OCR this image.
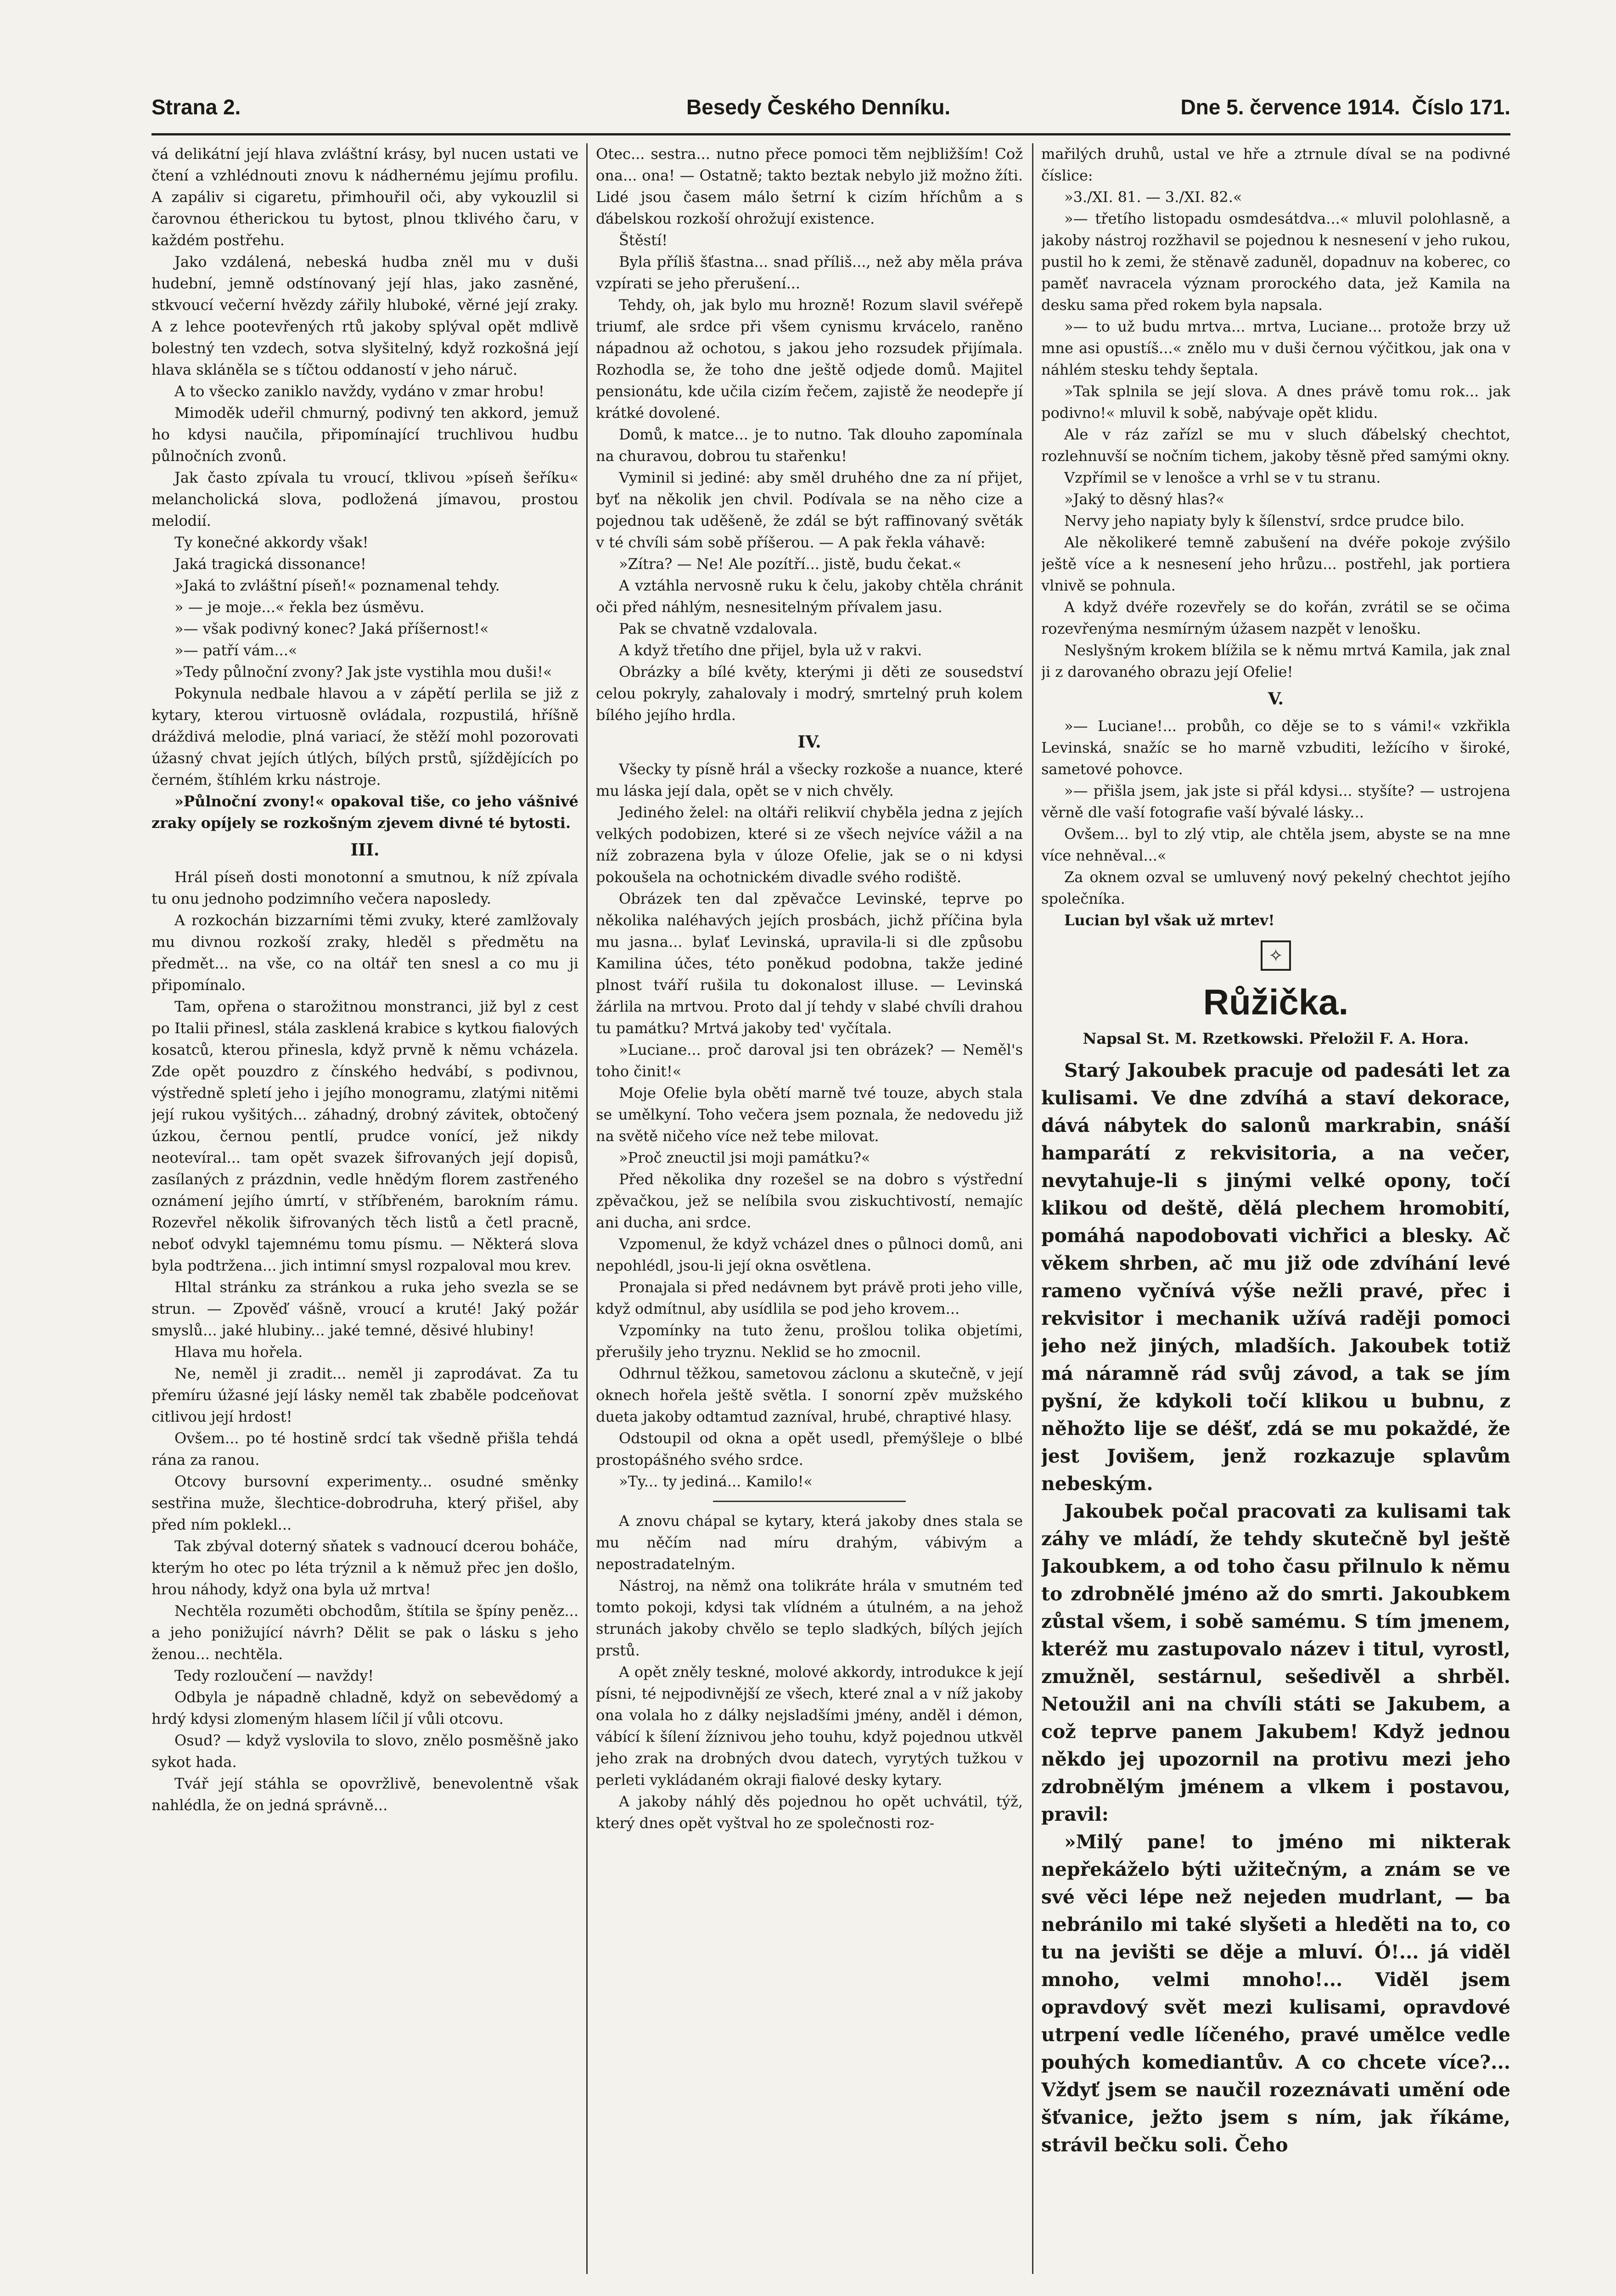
Strana 2.	Besedy Českého Denníku.	Dne 5. července 1914. Číslo 171.

vá delikátní její hlava zvláštní krásy, byl nucen ustati ve čtení a vzhlédnouti znovu k nádhernému jejímu profilu. A zapáliv si cigaretu, přimhouřil oči, aby vykouzlil si čarovnou étherickou tu bytost, plnou tklivého čaru, v každém postřehu.

Jako vzdálená, nebeská hudba zněl mu v duši hudební, jemně odstínovaný její hlas, jako zasněné, stkvoucí večerní hvězdy zářily hluboké, věrné její zraky. A z lehce pootevřených rtů jakoby splýval opět mdlivě bolestný ten vzdech, sotva slyšitelný, když rozkošná její hlava skláněla se s tíčtou oddaností v jeho náruč.

A to všecko zaniklo navždy, vydáno v zmar hrobu!

Mimoděk udeřil chmurný, podivný ten akkord, jemuž ho kdysi naučila, připomínající truchlivou hudbu půlnočních zvonů.

Jak často zpívala tu vroucí, tklivou »píseň šeříku« melancholická slova, podložená jímavou, prostou melodií.

Ty konečné akkordy však!

Jaká tragická dissonance!

»Jaká to zvláštní píseň!« poznamenal tehdy.

» — je moje...« řekla bez úsměvu.

»— však podivný konec? Jaká příšernost!«

»— patří vám...«

»Tedy půlnoční zvony? Jak jste vystihla mou duši!«

Pokynula nedbale hlavou a v zápětí perlila se již z kytary, kterou virtuosně ovládala, rozpustilá, hříšně dráždivá melodie, plná variací, že stěží mohl pozorovati úžasný chvat jejích útlých, bílých prstů, sjíždějících po černém, štíhlém krku nástroje.

»Půlnoční zvony!« opakoval tiše, co jeho vášnivé zraky opíjely se rozkošným zjevem divné té bytosti.

III.

Hrál píseň dosti monotonní a smutnou, k níž zpívala tu onu jednoho podzimního večera naposledy.

A rozkochán bizzarními těmi zvuky, které zamlžovaly mu divnou rozkoší zraky, hleděl s předmětu na předmět... na vše, co na oltář ten snesl a co mu ji připomínalo.

Tam, opřena o starožitnou monstranci, již byl z cest po Italii přinesl, stála zasklená krabice s kytkou fialových kosatců, kterou přinesla, když prvně k němu vcházela. Zde opět pouzdro z čínského hedvábí, s podivnou, výstředně spletí jeho i jejího monogramu, zlatými nitěmi její rukou vyšitých... záhadný, drobný závitek, obtočený úzkou, černou pentlí, prudce vonící, jež nikdy neotevíral... tam opět svazek šifrovaných její dopisů, zasílaných z prázdnin, vedle hnědým florem zastřeného oznámení jejího úmrtí, v stříbřeném, barokním rámu. Rozevřel několik šifrovaných těch listů a četl pracně, neboť odvykl tajemnému tomu písmu. — Některá slova byla podtržena... jich intimní smysl rozpaloval mou krev.

Hltal stránku za stránkou a ruka jeho svezla se se strun. — Zpověď vášně, vroucí a kruté! Jaký požár smyslů... jaké hlubiny... jaké temné, děsivé hlubiny!

Hlava mu hořela.

Ne, neměl ji zradit... neměl ji zaprodávat. Za tu přemíru úžasné její lásky neměl tak zbaběle podceňovat citlivou její hrdost!

Ovšem... po té hostině srdcí tak všedně přišla tehdá rána za ranou.

Otcovy bursovní experimenty... osudné směnky sestřina muže, šlechtice-dobrodruha, který přišel, aby před ním poklekl...

Tak zbýval doterný sňatek s vadnoucí dcerou boháče, kterým ho otec po léta trýznil a k němuž přec jen došlo, hrou náhody, když ona byla už mrtva!

Nechtěla rozuměti obchodům, štítila se špíny peněz... a jeho ponižující návrh? Dělit se pak o lásku s jeho ženou... nechtěla.

Tedy rozloučení — navždy!

Odbyla je nápadně chladně, když on sebevědomý a hrdý kdysi zlomeným hlasem líčil jí vůli otcovu.

Osud? — když vyslovila to slovo, znělo posměšně jako sykot hada.

Tvář její stáhla se opovržlivě, benevolentně však nahlédla, že on jedná správně...

Otec... sestra... nutno přece pomoci těm nejbližším! Což ona... ona! — Ostatně; takto beztak nebylo již možno žíti. Lidé jsou časem málo šetrní k cizím hříchům a s ďábelskou rozkoší ohrožují existence.

Štěstí!

Byla příliš šťastna... snad příliš..., než aby měla práva vzpírati se jeho přerušení...

Tehdy, oh, jak bylo mu hrozně! Rozum slavil svéřepě triumf, ale srdce při všem cynismu krvácelo, raněno nápadnou až ochotou, s jakou jeho rozsudek přijímala. Rozhodla se, že toho dne ještě odjede domů. Majitel pensionátu, kde učila cizím řečem, zajistě že neodepře jí krátké dovolené.

Domů, k matce... je to nutno. Tak dlouho zapomínala na churavou, dobrou tu stařenku!

Vyminil si jediné: aby směl druhého dne za ní přijet, byť na několik jen chvil. Podívala se na něho cize a pojednou tak uděšeně, že zdál se být raffinovaný světák v té chvíli sám sobě příšerou. — A pak řekla váhavě:

»Zítra? — Ne! Ale pozítří... jistě, budu čekat.«

A vztáhla nervosně ruku k čelu, jakoby chtěla chránit oči před náhlým, nesnesitelným přívalem jasu.

Pak se chvatně vzdalovala.

A když třetího dne přijel, byla už v rakvi.

Obrázky a bílé květy, kterými ji děti ze sousedství celou pokryly, zahalovaly i modrý, smrtelný pruh kolem bílého jejího hrdla.

IV.

Všecky ty písně hrál a všecky rozkoše a nuance, které mu láska její dala, opět se v nich chvěly.

Jediného želel: na oltáři relikvií chyběla jedna z jejích velkých podobizen, které si ze všech nejvíce vážil a na níž zobrazena byla v úloze Ofelie, jak se o ni kdysi pokoušela na ochotnickém divadle svého rodiště.

Obrázek ten dal zpěvačce Levinské, teprve po několika naléhavých jejích prosbách, jichž příčina byla mu jasna... bylať Levinská, upravila-li si dle způsobu Kamilina účes, této poněkud podobna, takže jediné plnost tváří rušila tu dokonalost illuse. — Levinská žárlila na mrtvou. Proto dal jí tehdy v slabé chvíli drahou tu památku? Mrtvá jakoby ted' vyčítala.

»Luciane... proč daroval jsi ten obrázek? — Neměl's toho činit!«

Moje Ofelie byla obětí marně tvé touze, abych stala se umělkyní. Toho večera jsem poznala, že nedovedu již na světě ničeho více než tebe milovat.

»Proč zneuctil jsi moji památku?«

Před několika dny rozešel se na dobro s výstřední zpěvačkou, jež se nelíbila svou ziskuchtivostí, nemajíc ani ducha, ani srdce.

Vzpomenul, že když vcházel dnes o půlnoci domů, ani nepohlédl, jsou-li její okna osvětlena.

Pronajala si před nedávnem byt právě proti jeho ville, když odmítnul, aby usídlila se pod jeho krovem...

Vzpomínky na tuto ženu, prošlou tolika objetími, přerušily jeho tryznu. Neklid se ho zmocnil.

Odhrnul těžkou, sametovou záclonu a skutečně, v její oknech hořela ještě světla. I sonorní zpěv mužského dueta jakoby odtamtud zazníval, hrubé, chraptivé hlasy.

Odstoupil od okna a opět usedl, přemýšleje o blbé prostopášného svého srdce.

»Ty... ty jediná... Kamilo!«

A znovu chápal se kytary, která jakoby dnes stala se mu něčím nad míru drahým, vábivým a nepostradatelným.

Nástroj, na němž ona tolikráte hrála v smutném teď tomto pokoji, kdysi tak vlídném a útulném, a na jehož strunách jakoby chvělo se teplo sladkých, bílých jejích prstů.

A opět zněly teskné, molové akkordy, introdukce k její písni, té nejpodivnější ze všech, které znal a v níž jakoby ona volala ho z dálky nejsladšími jmény, anděl i démon, vábící k šílení žíznivou jeho touhu, když pojednou utkvěl jeho zrak na drobných dvou datech, vyrytých tužkou v perleti vykládaném okraji fialové desky kytary.

A jakoby náhlý děs pojednou ho opět uchvátil, týž, který dnes opět vyštval ho ze společnosti roz-

mařilých druhů, ustal ve hře a ztrnule díval se na podivné číslice:

»3./XI. 81. — 3./XI. 82.«

»— třetího listopadu osmdesátdva...« mluvil polohlasně, a jakoby nástroj rozžhavil se pojednou k nesnesení v jeho rukou, pustil ho k zemi, že stěnavě zaduněl, dopadnuv na koberec, co paměť navracela význam prorockého data, jež Kamila na desku sama před rokem byla napsala.

»— to už budu mrtva... mrtva, Luciane... protože brzy už mne asi opustíš...« znělo mu v duši černou výčitkou, jak ona v náhlém stesku tehdy šeptala.

»Tak splnila se její slova. A dnes právě tomu rok... jak podivno!« mluvil k sobě, nabývaje opět klidu.

Ale v ráz zařízl se mu v sluch ďábelský chechtot, rozlehnuvší se nočním tichem, jakoby těsně před samými okny.

Vzpřímil se v lenošce a vrhl se v tu stranu.

»Jaký to děsný hlas?«

Nervy jeho napiaty byly k šílenství, srdce prudce bilo.

Ale několikeré temně zabušení na dvéře pokoje zvýšilo ještě více a k nesnesení jeho hrůzu... postřehl, jak portiera vlnivě se pohnula.

A když dvéře rozevřely se do kořán, zvrátil se se očima rozevřenýma nesmírným úžasem nazpět v lenošku.

Neslyšným krokem blížila se k němu mrtvá Kamila, jak znal ji z darovaného obrazu její Ofelie!

V.

»— Luciane!... probůh, co děje se to s vámi!« vzkřikla Levinská, snažíc se ho marně vzbuditi, ležícího v široké, sametové pohovce.

»— přišla jsem, jak jste si přál kdysi... styšíte? — ustrojena věrně dle vaší fotografie vaší bývalé lásky...

Ovšem... byl to zlý vtip, ale chtěla jsem, abyste se na mne více nehněval...«

Za oknem ozval se umluvený nový pekelný chechtot jejího společníka.

Lucian byl však už mrtev!

✧
Růžička.
Napsal St. M. Rzetkowski. Přeložil F. A. Hora.

Starý Jakoubek pracuje od padesáti let za kulisami. Ve dne zdvíhá a staví dekorace, dává nábytek do salonů markrabin, snáší hamparátí z rekvisitoria, a na večer, nevytahuje-li s jinými velké opony, točí klikou od deště, dělá plechem hromobití, pomáhá napodobovati vichřici a blesky. Ač věkem shrben, ač mu již ode zdvíhání levé rameno vyčnívá výše nežli pravé, přec i rekvisitor i mechanik užívá raději pomoci jeho než jiných, mladších. Jakoubek totiž má náramně rád svůj závod, a tak se jím pyšní, že kdykoli točí klikou u bubnu, z něhožto lije se déšť, zdá se mu pokaždé, že jest Jovišem, jenž rozkazuje splavům nebeským.

Jakoubek počal pracovati za kulisami tak záhy ve mládí, že tehdy skutečně byl ještě Jakoubkem, a od toho času přilnulo k němu to zdrobnělé jméno až do smrti. Jakoubkem zůstal všem, i sobě samému. S tím jmenem, kteréž mu zastupovalo název i titul, vyrostl, zmužněl, sestárnul, sešedivěl a shrběl. Netoužil ani na chvíli státi se Jakubem, a což teprve panem Jakubem! Když jednou někdo jej upozornil na protivu mezi jeho zdrobnělým jménem a vlkem i postavou, pravil:

»Milý pane! to jméno mi nikterak nepřekáželo býti užitečným, a znám se ve své věci lépe než nejeden mudrlant, — ba nebránilo mi také slyšeti a hleděti na to, co tu na jevišti se děje a mluví. Ó!... já viděl mnoho, velmi mnoho!... Viděl jsem opravdový svět mezi kulisami, opravdové utrpení vedle líčeného, pravé umělce vedle pouhých komediantův. A co chcete více?... Vždyť jsem se naučil rozeznávati umění ode šťvanice, ježto jsem s ním, jak říkáme, strávil bečku soli. Čeho
